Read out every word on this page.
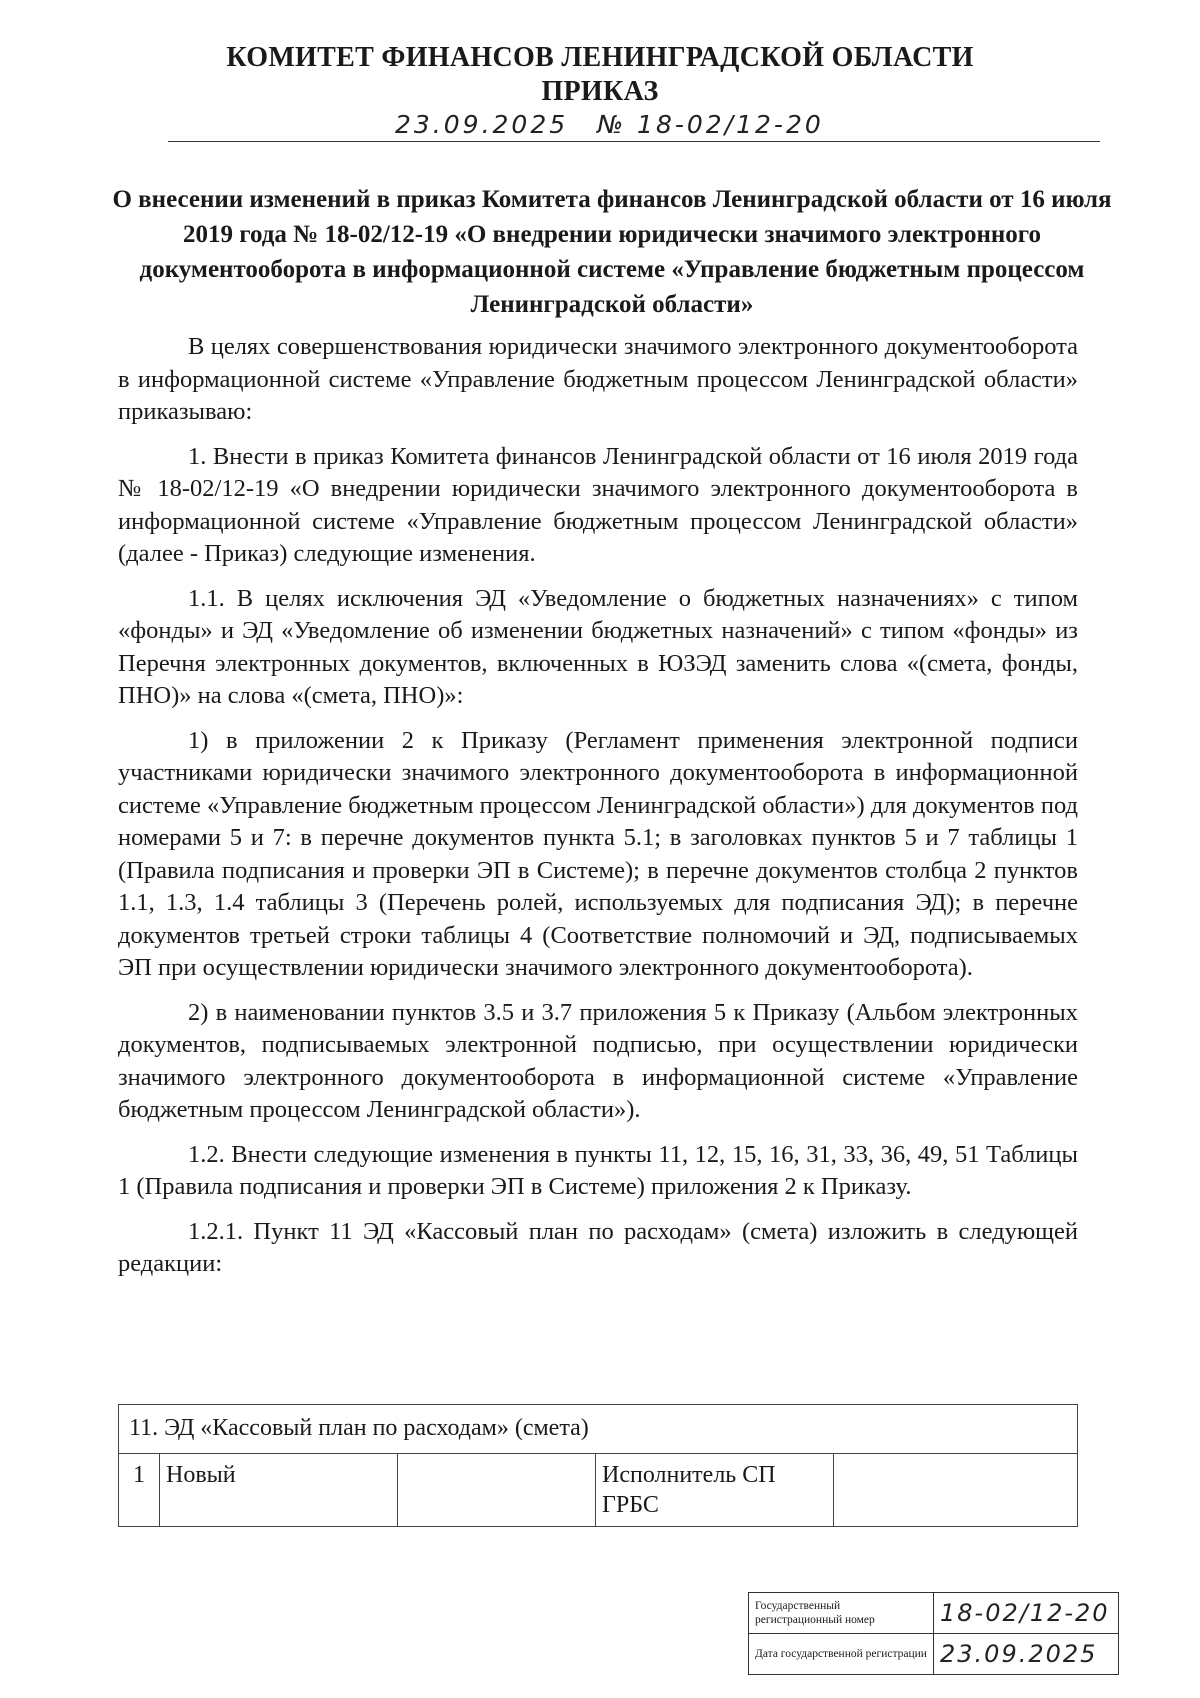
КОМИТЕТ ФИНАНСОВ ЛЕНИНГРАДСКОЙ ОБЛАСТИ
ПРИКАЗ
23.09.2025 № 18-02/12-20
О внесении изменений в приказ Комитета финансов Ленинградской области от 16 июля 2019 года № 18-02/12-19 «О внедрении юридически значимого электронного документооборота в информационной системе «Управление бюджетным процессом Ленинградской области»

В целях совершенствования юридически значимого электронного документооборота в информационной системе «Управление бюджетным процессом Ленинградской области» приказываю:

1. Внести в приказ Комитета финансов Ленинградской области от 16 июля 2019 года № 18-02/12-19 «О внедрении юридически значимого электронного документооборота в информационной системе «Управление бюджетным процессом Ленинградской области» (далее - Приказ) следующие изменения.

1.1. В целях исключения ЭД «Уведомление о бюджетных назначениях» с типом «фонды» и ЭД «Уведомление об изменении бюджетных назначений» с типом «фонды» из Перечня электронных документов, включенных в ЮЗЭД заменить слова «(смета, фонды, ПНО)» на слова «(смета, ПНО)»:

1) в приложении 2 к Приказу (Регламент применения электронной подписи участниками юридически значимого электронного документооборота в информационной системе «Управление бюджетным процессом Ленинградской области») для документов под номерами 5 и 7: в перечне документов пункта 5.1; в заголовках пунктов 5 и 7 таблицы 1 (Правила подписания и проверки ЭП в Системе); в перечне документов столбца 2 пунктов 1.1, 1.3, 1.4 таблицы 3 (Перечень ролей, используемых для подписания ЭД); в перечне документов третьей строки таблицы 4 (Соответствие полномочий и ЭД, подписываемых ЭП при осуществлении юридически значимого электронного документооборота).

2) в наименовании пунктов 3.5 и 3.7 приложения 5 к Приказу (Альбом электронных документов, подписываемых электронной подписью, при осуществлении юридически значимого электронного документооборота в информационной системе «Управление бюджетным процессом Ленинградской области»).

1.2. Внести следующие изменения в пункты 11, 12, 15, 16, 31, 33, 36, 49, 51 Таблицы 1 (Правила подписания и проверки ЭП в Системе) приложения 2 к Приказу.

1.2.1. Пункт 11 ЭД «Кассовый план по расходам» (смета) изложить в следующей редакции:

11. ЭД «Кассовый план по расходам» (смета)
1	Новый		Исполнитель СП ГРБС	
Государственный регистрационный номер	18-02/12-20
Дата государственной регистрации	23.09.2025
